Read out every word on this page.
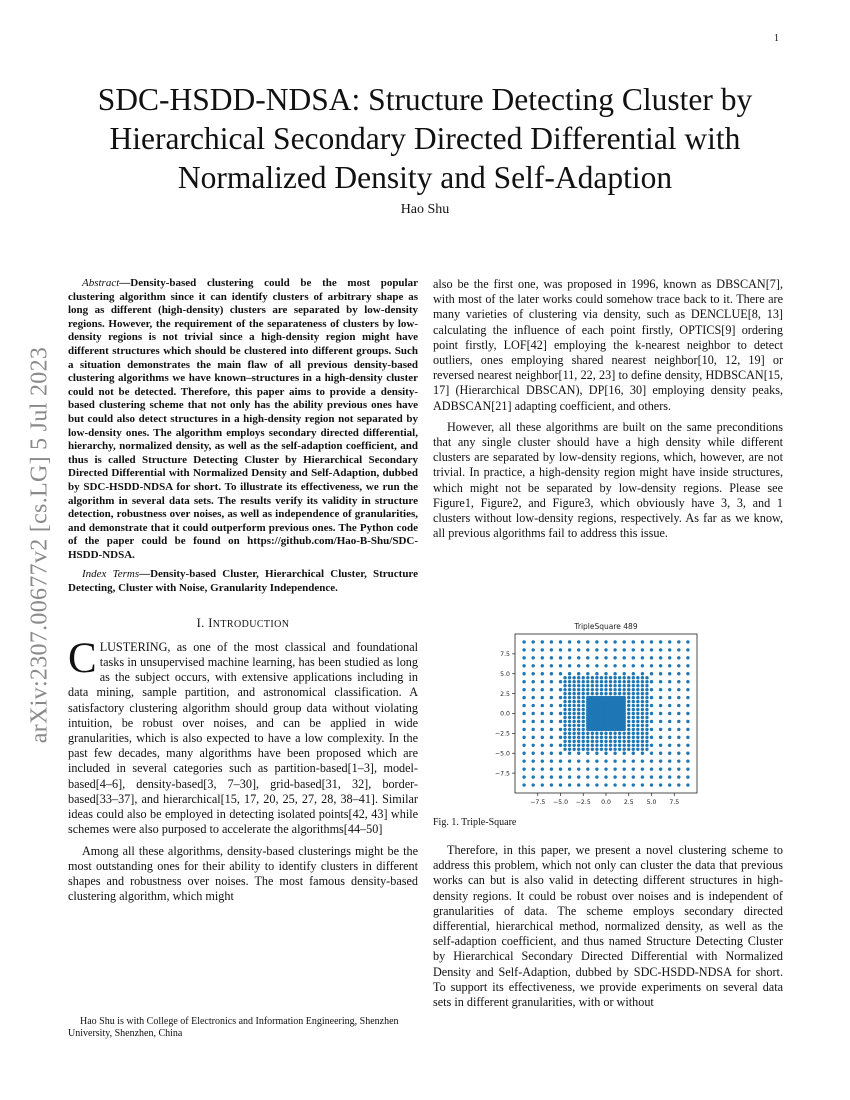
1
arXiv:2307.00677v2 [cs.LG] 5 Jul 2023
SDC-HSDD-NDSA: Structure Detecting Cluster by Hierarchical Secondary Directed Differential with Normalized Density and Self-Adaption
Hao Shu

Abstract—Density-based clustering could be the most popular clustering algorithm since it can identify clusters of arbitrary shape as long as different (high-density) clusters are separated by low-density regions. However, the requirement of the separateness of clusters by low-density regions is not trivial since a high-density region might have different structures which should be clustered into different groups. Such a situation demonstrates the main flaw of all previous density-based clustering algorithms we have known–structures in a high-density cluster could not be detected. Therefore, this paper aims to provide a density-based clustering scheme that not only has the ability previous ones have but could also detect structures in a high-density region not separated by low-density ones. The algorithm employs secondary directed differential, hierarchy, normalized density, as well as the self-adaption coefficient, and thus is called Structure Detecting Cluster by Hierarchical Secondary Directed Differential with Normalized Density and Self-Adaption, dubbed by SDC-HSDD-NDSA for short. To illustrate its effectiveness, we run the algorithm in several data sets. The results verify its validity in structure detection, robustness over noises, as well as independence of granularities, and demonstrate that it could outperform previous ones. The Python code of the paper could be found on https://github.com/Hao-B-Shu/SDC-HSDD-NDSA.

Index Terms—Density-based Cluster, Hierarchical Cluster, Structure Detecting, Cluster with Noise, Granularity Independence.

I. INTRODUCTION

CLUSTERING, as one of the most classical and foundational tasks in unsupervised machine learning, has been studied as long as the subject occurs, with extensive applications including in data mining, sample partition, and astronomical classification. A satisfactory clustering algorithm should group data without violating intuition, be robust over noises, and can be applied in wide granularities, which is also expected to have a low complexity. In the past few decades, many algorithms have been proposed which are included in several categories such as partition-based[1–3], model-based[4–6], density-based[3, 7–30], grid-based[31, 32], border-based[33–37], and hierarchical[15, 17, 20, 25, 27, 28, 38–41]. Similar ideas could also be employed in detecting isolated points[42, 43] while schemes were also purposed to accelerate the algorithms[44–50]

Among all these algorithms, density-based clusterings might be the most outstanding ones for their ability to identify clusters in different shapes and robustness over noises. The most famous density-based clustering algorithm, which might

Hao Shu is with College of Electronics and Information Engineering, Shenzhen University, Shenzhen, China

also be the first one, was proposed in 1996, known as DBSCAN[7], with most of the later works could somehow trace back to it. There are many varieties of clustering via density, such as DENCLUE[8, 13] calculating the influence of each point firstly, OPTICS[9] ordering point firstly, LOF[42] employing the k-nearest neighbor to detect outliers, ones employing shared nearest neighbor[10, 12, 19] or reversed nearest neighbor[11, 22, 23] to define density, HDBSCAN[15, 17] (Hierarchical DBSCAN), DP[16, 30] employing density peaks, ADBSCAN[21] adapting coefficient, and others.

However, all these algorithms are built on the same preconditions that any single cluster should have a high density while different clusters are separated by low-density regions, which, however, are not trivial. In practice, a high-density region might have inside structures, which might not be separated by low-density regions. Please see Figure1, Figure2, and Figure3, which obviously have 3, 3, and 1 clusters without low-density regions, respectively. As far as we know, all previous algorithms fail to address this issue.

TripleSquare 489
7.5
5.0
2.5
0.0
−2.5
−5.0
−7.5
−7.5 −5.0 −2.5 0.0 2.5 5.0 7.5
Fig. 1. Triple-Square

Therefore, in this paper, we present a novel clustering scheme to address this problem, which not only can cluster the data that previous works can but is also valid in detecting different structures in high-density regions. It could be robust over noises and is independent of granularities of data. The scheme employs secondary directed differential, hierarchical method, normalized density, as well as the self-adaption coefficient, and thus named Structure Detecting Cluster by Hierarchical Secondary Directed Differential with Normalized Density and Self-Adaption, dubbed by SDC-HSDD-NDSA for short. To support its effectiveness, we provide experiments on several data sets in different granularities, with or without
